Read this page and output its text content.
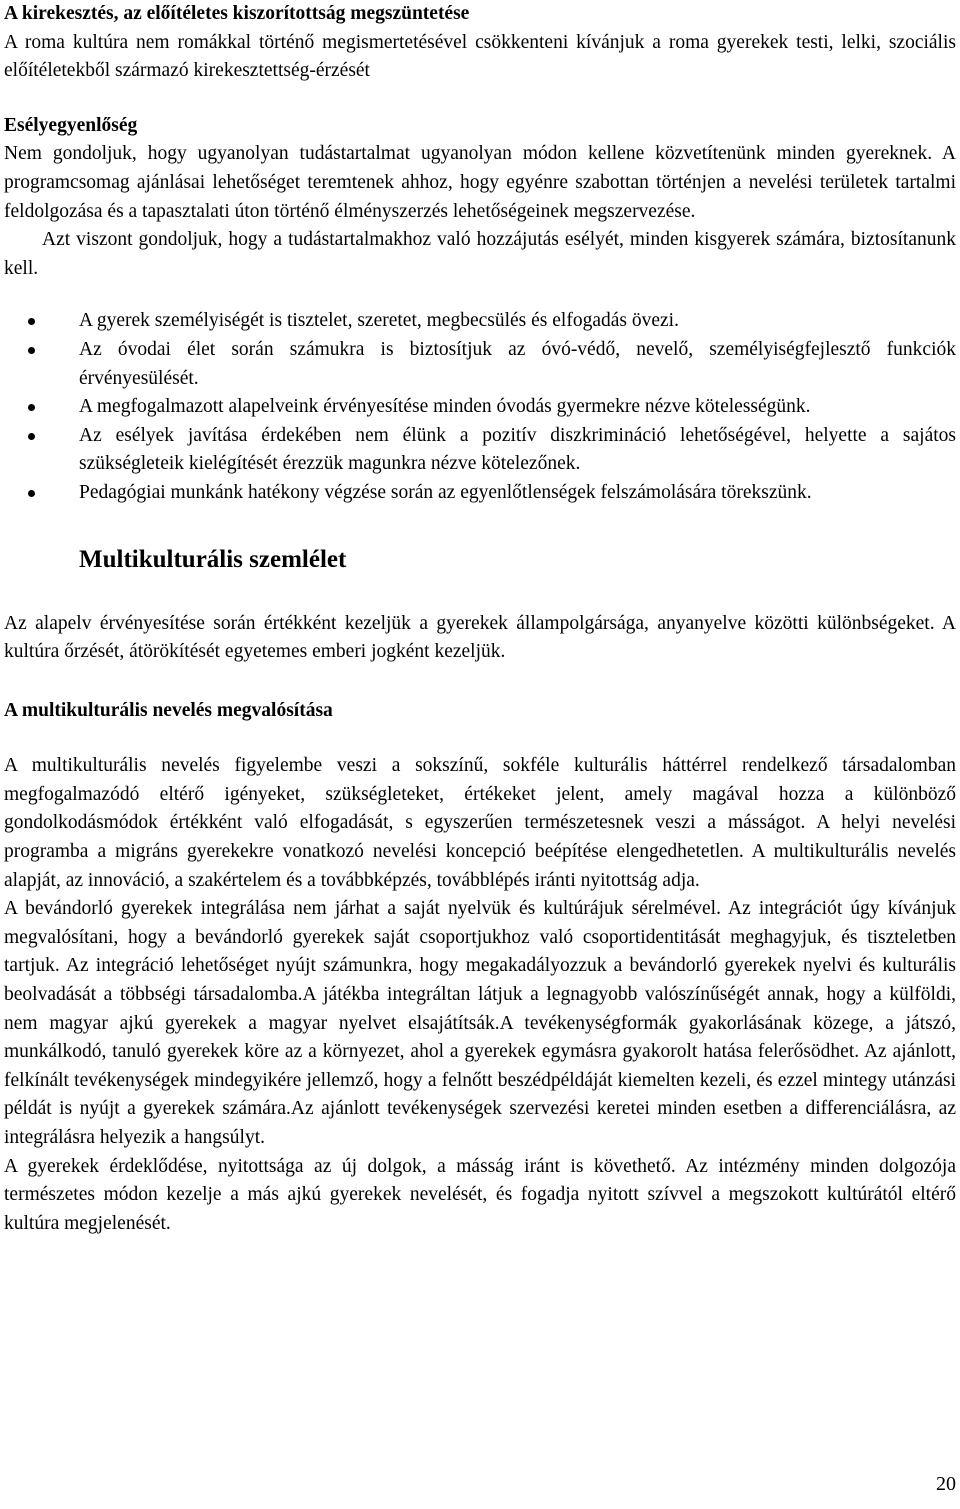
A kirekesztés, az előítéletes kiszorítottság megszüntetése

A roma kultúra nem romákkal történő megismertetésével csökkenteni kívánjuk a roma gyerekek testi, lelki, szociális előítéletekből származó kirekesztettség-érzését

Esélyegyenlőség

Nem gondoljuk, hogy ugyanolyan tudástartalmat ugyanolyan módon kellene közvetítenünk minden gyereknek. A programcsomag ajánlásai lehetőséget teremtenek ahhoz, hogy egyénre szabottan történjen a nevelési területek tartalmi feldolgozása és a tapasztalati úton történő élményszerzés lehetőségeinek megszervezése.

Azt viszont gondoljuk, hogy a tudástartalmakhoz való hozzájutás esélyét, minden kisgyerek számára, biztosítanunk kell.

A gyerek személyiségét is tisztelet, szeretet, megbecsülés és elfogadás övezi.
Az óvodai élet során számukra is biztosítjuk az óvó-védő, nevelő, személyiségfejlesztő funkciók érvényesülését.
A megfogalmazott alapelveink érvényesítése minden óvodás gyermekre nézve kötelességünk.
Az esélyek javítása érdekében nem élünk a pozitív diszkrimináció lehetőségével, helyette a sajátos szükségleteik kielégítését érezzük magunkra nézve kötelezőnek.
Pedagógiai munkánk hatékony végzése során az egyenlőtlenségek felszámolására törekszünk.
Multikulturális szemlélet

Az alapelv érvényesítése során értékként kezeljük a gyerekek állampolgársága, anyanyelve közötti különbségeket. A kultúra őrzését, átörökítését egyetemes emberi jogként kezeljük.

A multikulturális nevelés megvalósítása

A multikulturális nevelés figyelembe veszi a sokszínű, sokféle kulturális háttérrel rendelkező társadalomban megfogalmazódó eltérő igényeket, szükségleteket, értékeket jelent, amely magával hozza a különböző gondolkodásmódok értékként való elfogadását, s egyszerűen természetesnek veszi a másságot. A helyi nevelési programba a migráns gyerekekre vonatkozó nevelési koncepció beépítése elengedhetetlen. A multikulturális nevelés alapját, az innováció, a szakértelem és a továbbképzés, továbblépés iránti nyitottság adja.

A bevándorló gyerekek integrálása nem járhat a saját nyelvük és kultúrájuk sérelmével. Az integrációt úgy kívánjuk megvalósítani, hogy a bevándorló gyerekek saját csoportjukhoz való csoportidentitását meghagyjuk, és tiszteletben tartjuk. Az integráció lehetőséget nyújt számunkra, hogy megakadályozzuk a bevándorló gyerekek nyelvi és kulturális beolvadását a többségi társadalomba.A játékba integráltan látjuk a legnagyobb valószínűségét annak, hogy a külföldi, nem magyar ajkú gyerekek a magyar nyelvet elsajátítsák.A tevékenységformák gyakorlásának közege, a játszó, munkálkodó, tanuló gyerekek köre az a környezet, ahol a gyerekek egymásra gyakorolt hatása felerősödhet. Az ajánlott, felkínált tevékenységek mindegyikére jellemző, hogy a felnőtt beszédpéldáját kiemelten kezeli, és ezzel mintegy utánzási példát is nyújt a gyerekek számára.Az ajánlott tevékenységek szervezési keretei minden esetben a differenciálásra, az integrálásra helyezik a hangsúlyt.

A gyerekek érdeklődése, nyitottsága az új dolgok, a másság iránt is követhető. Az intézmény minden dolgozója természetes módon kezelje a más ajkú gyerekek nevelését, és fogadja nyitott szívvel a megszokott kultúrától eltérő kultúra megjelenését.

20
